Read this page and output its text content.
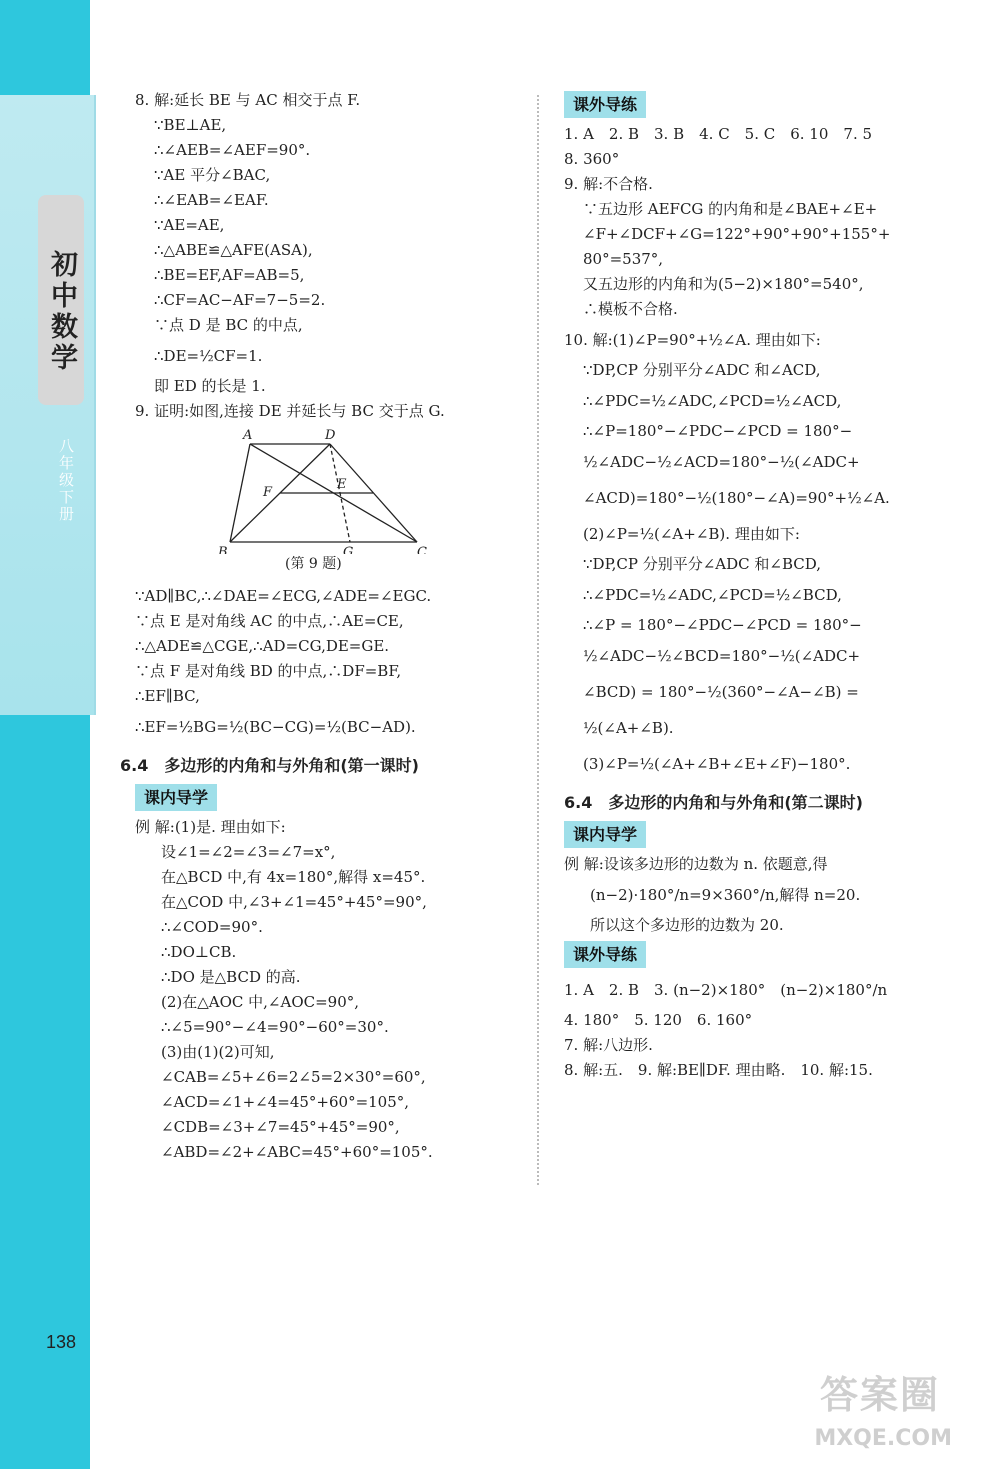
初中数学
八年级下册
138
8. 解:延长 BE 与 AC 相交于点 F.
∵BE⊥AE,
∴∠AEB=∠AEF=90°.
∵AE 平分∠BAC,
∴∠EAB=∠EAF.
∵AE=AE,
∴△ABE≌△AFE(ASA),
∴BE=EF,AF=AB=5,
∴CF=AC−AF=7−5=2.
∵点 D 是 BC 的中点,
∴DE=½CF=1.
即 ED 的长是 1.
9. 证明:如图,连接 DE 并延长与 BC 交于点 G.
A	D
E
F
B	G	C
(第 9 题)
∵AD∥BC,∴∠DAE=∠ECG,∠ADE=∠EGC.
∵点 E 是对角线 AC 的中点,∴AE=CE,
∴△ADE≌△CGE,∴AD=CG,DE=GE.
∵点 F 是对角线 BD 的中点,∴DF=BF,
∴EF∥BC,
∴EF=½BG=½(BC−CG)=½(BC−AD).
6.4　多边形的内角和与外角和(第一课时)
课内导学
例 解:(1)是. 理由如下:
设∠1=∠2=∠3=∠7=x°,
在△BCD 中,有 4x=180°,解得 x=45°.
在△COD 中,∠3+∠1=45°+45°=90°,
∴∠COD=90°.
∴DO⊥CB.
∴DO 是△BCD 的高.
(2)在△AOC 中,∠AOC=90°,
∴∠5=90°−∠4=90°−60°=30°.
(3)由(1)(2)可知,
∠CAB=∠5+∠6=2∠5=2×30°=60°,
∠ACD=∠1+∠4=45°+60°=105°,
∠CDB=∠3+∠7=45°+45°=90°,
∠ABD=∠2+∠ABC=45°+60°=105°.
课外导练
1. A　2. B　3. B　4. C　5. C　6. 10　7. 5
8. 360°
9. 解:不合格.
∵五边形 AEFCG 的内角和是∠BAE+∠E+
∠F+∠DCF+∠G=122°+90°+90°+155°+
80°=537°,
又五边形的内角和为(5−2)×180°=540°,
∴模板不合格.
10. 解:(1)∠P=90°+½∠A. 理由如下:
∵DP,CP 分别平分∠ADC 和∠ACD,
∴∠PDC=½∠ADC,∠PCD=½∠ACD,
∴∠P=180°−∠PDC−∠PCD = 180°−
½∠ADC−½∠ACD=180°−½(∠ADC+
∠ACD)=180°−½(180°−∠A)=90°+½∠A.
(2)∠P=½(∠A+∠B). 理由如下:
∵DP,CP 分别平分∠ADC 和∠BCD,
∴∠PDC=½∠ADC,∠PCD=½∠BCD,
∴∠P = 180°−∠PDC−∠PCD = 180°−
½∠ADC−½∠BCD=180°−½(∠ADC+
∠BCD) = 180°−½(360°−∠A−∠B) =
½(∠A+∠B).
(3)∠P=½(∠A+∠B+∠E+∠F)−180°.
6.4　多边形的内角和与外角和(第二课时)
课内导学
例 解:设该多边形的边数为 n. 依题意,得
(n−2)·180°/n=9×360°/n,解得 n=20.
所以这个多边形的边数为 20.
课外导练
1. A　2. B　3. (n−2)×180°　(n−2)×180°/n
4. 180°　5. 120　6. 160°
7. 解:八边形.
8. 解:五.　9. 解:BE∥DF. 理由略.　10. 解:15.
答案圈
MXQE.COM
